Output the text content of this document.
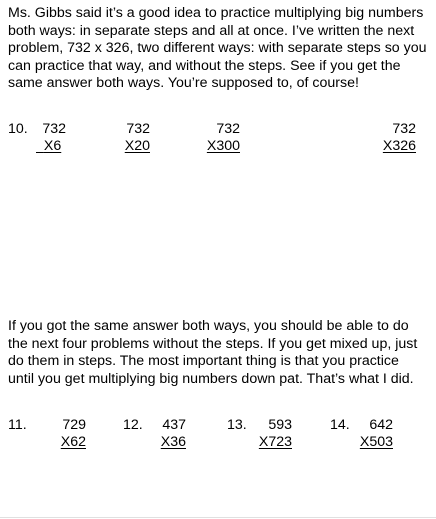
Ms. Gibbs said it’s a good idea to practice multiplying big numbers
both ways: in separate steps and all at once. I’ve written the next
problem, 732 x 326, two different ways: with separate steps so you
can practice that way, and without the steps. See if you get the
same answer both ways. You’re supposed to, of course!

10.	732
X6
732
X20
732
X300
732
X326

If you got the same answer both ways, you should be able to do
the next four problems without the steps. If you get mixed up, just
do them in steps. The most important thing is that you practice
until you get multiplying big numbers down pat. That’s what I did.

11.	729
X62
12.	437
X36
13.	593
X723
14.	642
X503
